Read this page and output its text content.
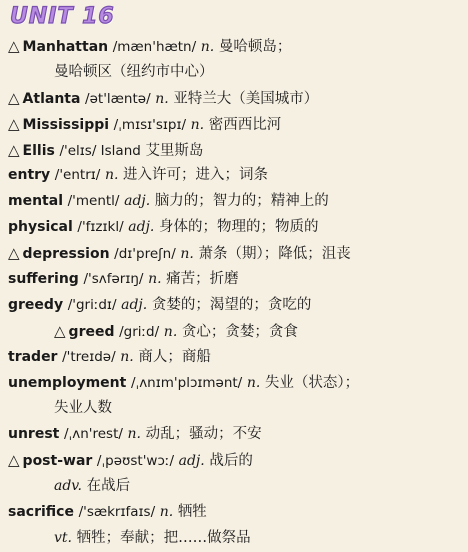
UNIT 16
△ Manhattan /mæn'hætn/ n. 曼哈顿岛；
曼哈顿区（纽约市中心）
△ Atlanta /ət'læntə/ n. 亚特兰大（美国城市）
△ Mississippi /ˌmɪsɪ'sɪpɪ/ n. 密西西比河
△ Ellis /'elɪs/ Island 艾里斯岛
entry /'entrɪ/ n. 进入许可；进入；词条
mental /'mentl/ adj. 脑力的；智力的；精神上的
physical /'fɪzɪkl/ adj. 身体的；物理的；物质的
△ depression /dɪ'preʃn/ n. 萧条（期）；降低；沮丧
suffering /'sʌfərɪŋ/ n. 痛苦；折磨
greedy /'griːdɪ/ adj. 贪婪的；渴望的；贪吃的
△ greed /griːd/ n. 贪心；贪婪；贪食
trader /'treɪdə/ n. 商人；商船
unemployment /ˌʌnɪm'plɔɪmənt/ n. 失业（状态）；
失业人数
unrest /ˌʌn'rest/ n. 动乱；骚动；不安
△ post-war /ˌpəʊst'wɔː/ adj. 战后的
adv. 在战后
sacrifice /'sækrɪfaɪs/ n. 牺牲
vt. 牺牲；奉献；把……做祭品
